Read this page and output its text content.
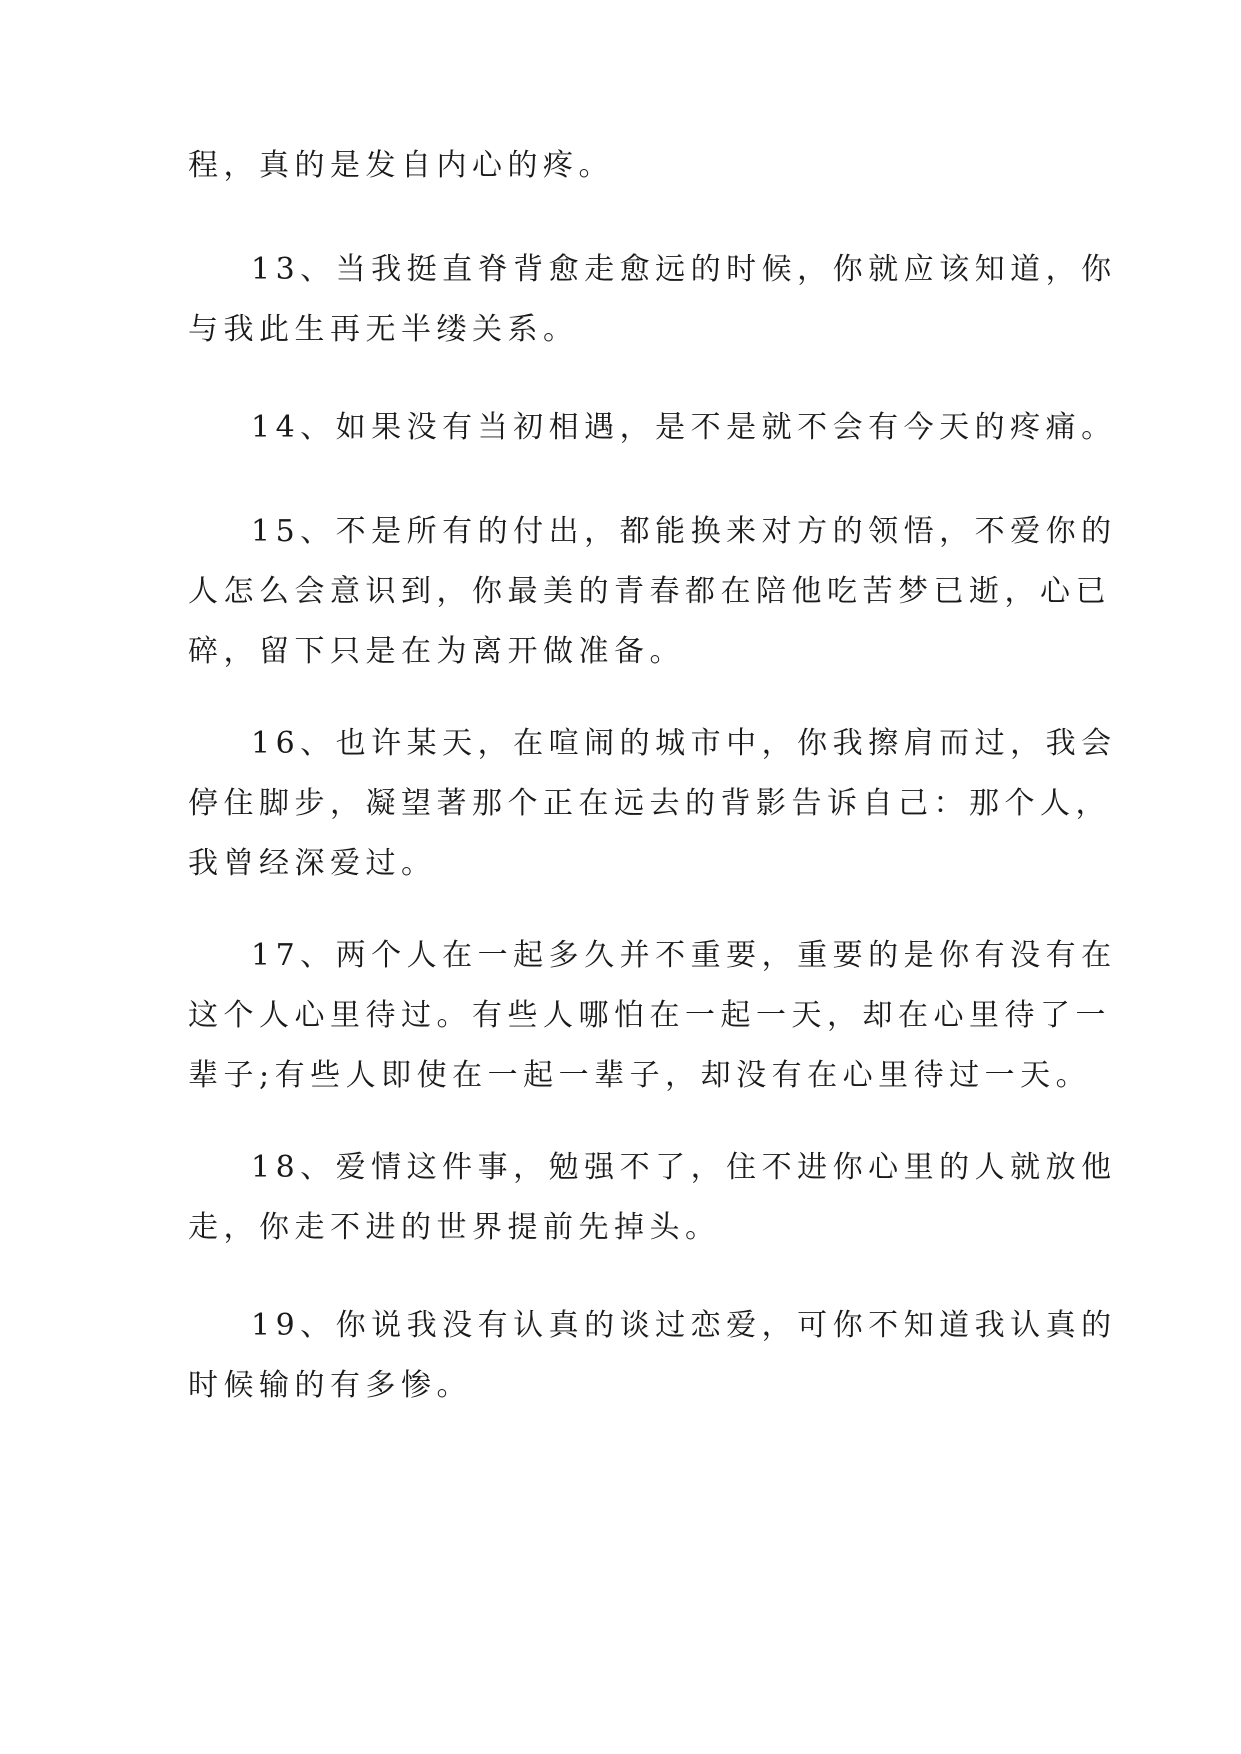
程，真的是发自内心的疼。

13、当我挺直脊背愈走愈远的时候，你就应该知道，你
与我此生再无半缕关系。

14、如果没有当初相遇，是不是就不会有今天的疼痛。

15、不是所有的付出，都能换来对方的领悟，不爱你的
人怎么会意识到，你最美的青春都在陪他吃苦梦已逝，心已
碎，留下只是在为离开做准备。

16、也许某天，在喧闹的城市中，你我擦肩而过，我会
停住脚步，凝望著那个正在远去的背影告诉自己：那个人，
我曾经深爱过。

17、两个人在一起多久并不重要，重要的是你有没有在
这个人心里待过。有些人哪怕在一起一天，却在心里待了一
辈子;有些人即使在一起一辈子，却没有在心里待过一天。

18、爱情这件事，勉强不了，住不进你心里的人就放他
走，你走不进的世界提前先掉头。

19、你说我没有认真的谈过恋爱，可你不知道我认真的
时候输的有多惨。
